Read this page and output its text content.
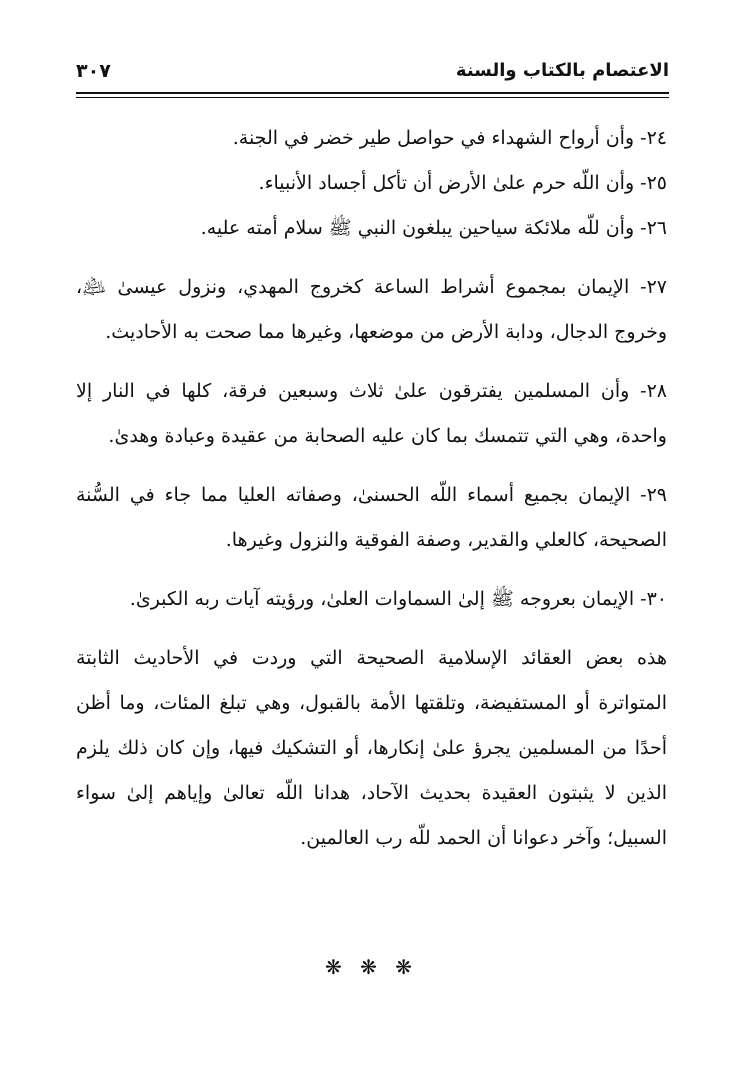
الاعتصام بالكتاب والسنة
٣٠٧

٢٤- وأن أرواح الشهداء في حواصل طير خضر في الجنة.

٢٥- وأن اللّه حرم علىٰ الأرض أن تأكل أجساد الأنبياء.

٢٦- وأن للّه ملائكة سياحين يبلغون النبي ﷺ سلام أمته عليه.

٢٧- الإيمان بمجموع أشراط الساعة كخروج المهدي، ونزول عيسىٰ ﵇، وخروج الدجال، ودابة الأرض من موضعها، وغيرها مما صحت به الأحاديث.

٢٨- وأن المسلمين يفترقون علىٰ ثلاث وسبعين فرقة، كلها في النار إلا واحدة، وهي التي تتمسك بما كان عليه الصحابة من عقيدة وعبادة وهدىٰ.

٢٩- الإيمان بجميع أسماء اللّه الحسنىٰ، وصفاته العليا مما جاء في السُّنة الصحيحة، كالعلي والقدير، وصفة الفوقية والنزول وغيرها.

٣٠- الإيمان بعروجه ﷺ إلىٰ السماوات العلىٰ، ورؤيته آيات ربه الكبرىٰ.

هذه بعض العقائد الإسلامية الصحيحة التي وردت في الأحاديث الثابتة المتواترة أو المستفيضة، وتلقتها الأمة بالقبول، وهي تبلغ المئات، وما أظن أحدًا من المسلمين يجرؤ علىٰ إنكارها، أو التشكيك فيها، وإن كان ذلك يلزم الذين لا يثبتون العقيدة بحديث الآحاد، هدانا اللّه تعالىٰ وإياهم إلىٰ سواء السبيل؛ وآخر دعوانا أن الحمد للّه رب العالمين.

❋ ❋ ❋
